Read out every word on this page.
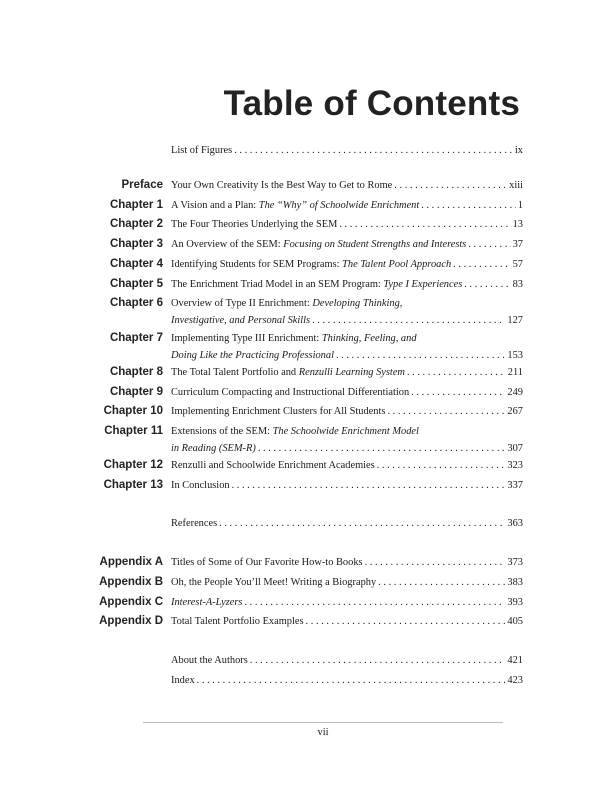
Table of Contents
List of Figures . . .	ix
Preface Your Own Creativity Is the Best Way to Get to Rome . . .	xiii
Chapter 1 A Vision and a Plan: The “Why” of Schoolwide Enrichment . . .	1
Chapter 2 The Four Theories Underlying the SEM . . .	13
Chapter 3 An Overview of the SEM: Focusing on Student Strengths and Interests . . .	37
Chapter 4 Identifying Students for SEM Programs: The Talent Pool Approach . . .	57
Chapter 5 The Enrichment Triad Model in an SEM Program: Type I Experiences . . .	83
Chapter 6 Overview of Type II Enrichment: Developing Thinking,
Investigative, and Personal Skills . . .	127
Chapter 7 Implementing Type III Enrichment: Thinking, Feeling, and
Doing Like the Practicing Professional . . .	153
Chapter 8 The Total Talent Portfolio and Renzulli Learning System . . .	211
Chapter 9 Curriculum Compacting and Instructional Differentiation . . .	249
Chapter 10 Implementing Enrichment Clusters for All Students . . .	267
Chapter 11 Extensions of the SEM: The Schoolwide Enrichment Model
in Reading (SEM-R) . . .	307
Chapter 12 Renzulli and Schoolwide Enrichment Academies . . .	323
Chapter 13 In Conclusion . . .	337
References . . .	363
Appendix A Titles of Some of Our Favorite How-to Books . . .	373
Appendix B Oh, the People You’ll Meet! Writing a Biography . . .	383
Appendix C Interest-A-Lyzers . . .	393
Appendix D Total Talent Portfolio Examples . . .	405
About the Authors . . .	421
Index . . .	423
vii
